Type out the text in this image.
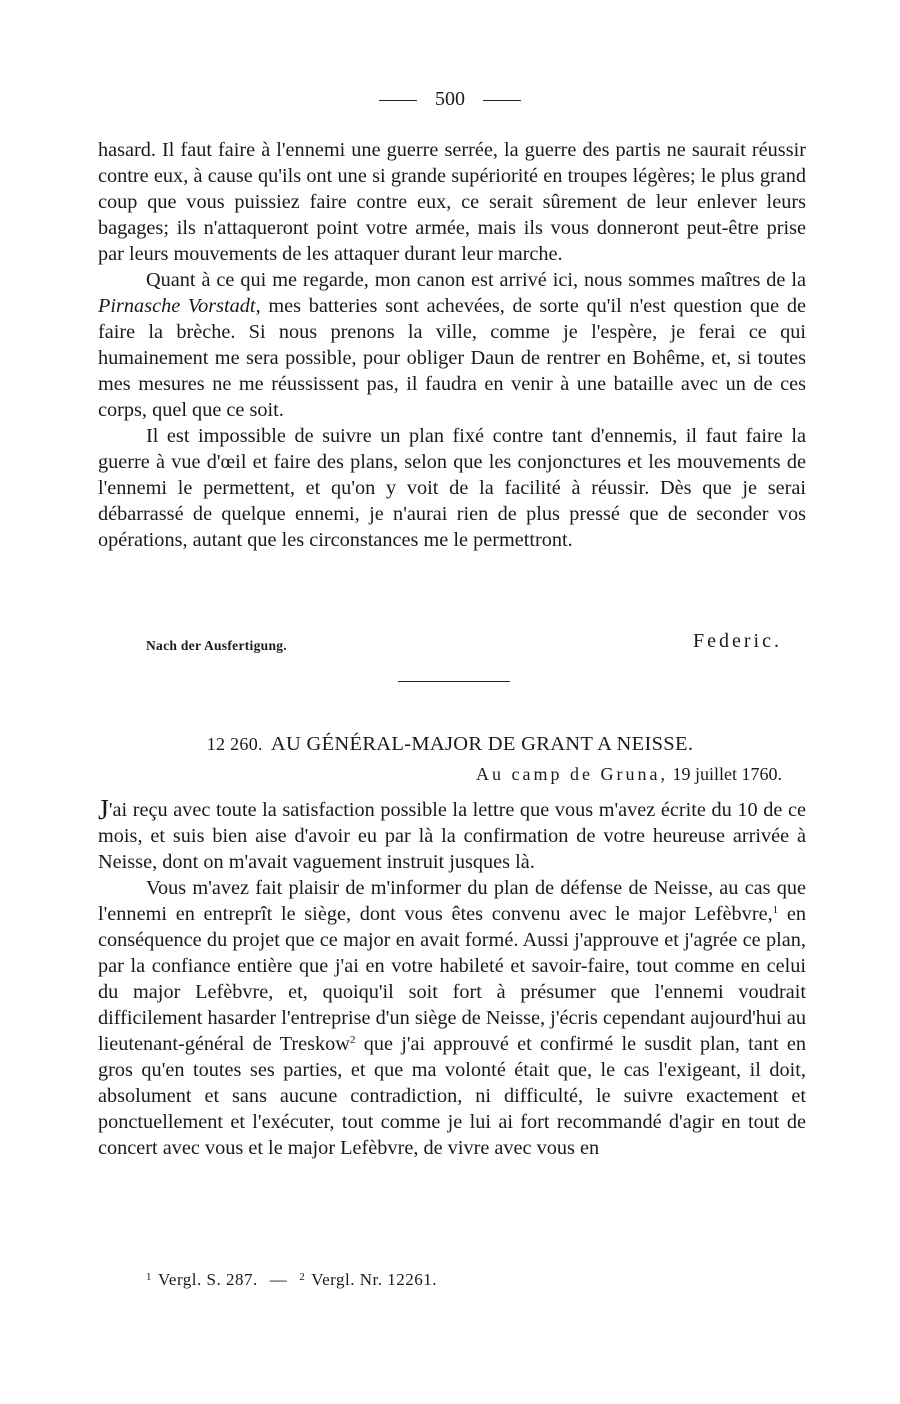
500

hasard. Il faut faire à l'ennemi une guerre serrée, la guerre des partis ne saurait réussir contre eux, à cause qu'ils ont une si grande supériorité en troupes légères; le plus grand coup que vous puissiez faire contre eux, ce serait sûrement de leur enlever leurs bagages; ils n'attaqueront point votre armée, mais ils vous donneront peut-être prise par leurs mouvements de les attaquer durant leur marche.

Quant à ce qui me regarde, mon canon est arrivé ici, nous sommes maîtres de la Pirnasche Vorstadt, mes batteries sont achevées, de sorte qu'il n'est question que de faire la brèche. Si nous prenons la ville, comme je l'espère, je ferai ce qui humainement me sera possible, pour obliger Daun de rentrer en Bohême, et, si toutes mes mesures ne me réussissent pas, il faudra en venir à une bataille avec un de ces corps, quel que ce soit.

Il est impossible de suivre un plan fixé contre tant d'ennemis, il faut faire la guerre à vue d'œil et faire des plans, selon que les conjonctures et les mouvements de l'ennemi le permettent, et qu'on y voit de la facilité à réussir. Dès que je serai débarrassé de quelque ennemi, je n'aurai rien de plus pressé que de seconder vos opérations, autant que les circonstances me le permettront.

Nach der Ausfertigung.	Federic.
12 260. AU GÉNÉRAL-MAJOR DE GRANT A NEISSE.
Au camp de Gruna, 19 juillet 1760.

J'ai reçu avec toute la satisfaction possible la lettre que vous m'avez écrite du 10 de ce mois, et suis bien aise d'avoir eu par là la confirmation de votre heureuse arrivée à Neisse, dont on m'avait vaguement instruit jusques là.

Vous m'avez fait plaisir de m'informer du plan de défense de Neisse, au cas que l'ennemi en entreprît le siège, dont vous êtes convenu avec le major Lefèbvre,$^1$ en conséquence du projet que ce major en avait formé. Aussi j'approuve et j'agrée ce plan, par la confiance entière que j'ai en votre habileté et savoir-faire, tout comme en celui du major Lefèbvre, et, quoiqu'il soit fort à présumer que l'ennemi voudrait difficilement hasarder l'entreprise d'un siège de Neisse, j'écris cependant aujourd'hui au lieutenant-général de Treskow$^2$ que j'ai approuvé et confirmé le susdit plan, tant en gros qu'en toutes ses parties, et que ma volonté était que, le cas l'exigeant, il doit, absolument et sans aucune contradiction, ni difficulté, le suivre exactement et ponctuellement et l'exécuter, tout comme je lui ai fort recommandé d'agir en tout de concert avec vous et le major Lefèbvre, de vivre avec vous en

$^1$ Vergl. S. 287. — $^2$ Vergl. Nr. 12261.
